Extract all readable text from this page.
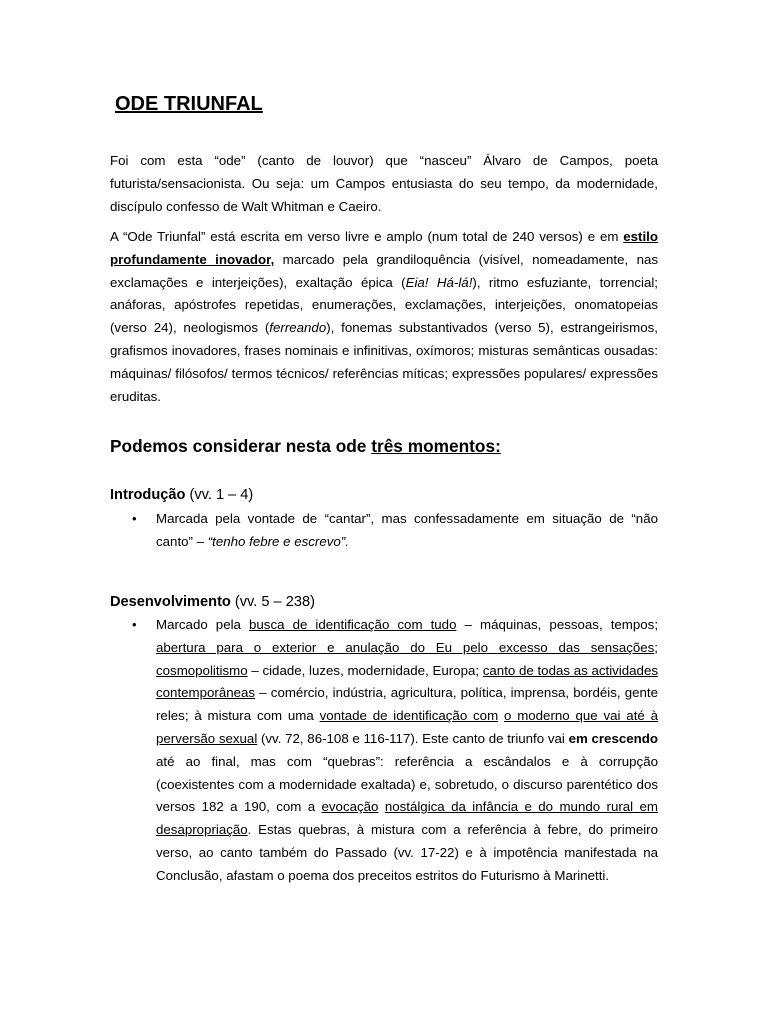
ODE TRIUNFAL

Foi com esta “ode” (canto de louvor) que “nasceu” Álvaro de Campos, poeta futurista/sensacionista. Ou seja: um Campos entusiasta do seu tempo, da modernidade, discípulo confesso de Walt Whitman e Caeiro.

A “Ode Triunfal” está escrita em verso livre e amplo (num total de 240 versos) e em estilo profundamente inovador, marcado pela grandiloquência (visível, nomeadamente, nas exclamações e interjeições), exaltação épica (Eia! Há-lá!), ritmo esfuziante, torrencial; anáforas, apóstrofes repetidas, enumerações, exclamações, interjeições, onomatopeias (verso 24), neologismos (ferreando), fonemas substantivados (verso 5), estrangeirismos, grafismos inovadores, frases nominais e infinitivas, oxímoros; misturas semânticas ousadas: máquinas/ filósofos/ termos técnicos/ referências míticas; expressões populares/ expressões eruditas.

Podemos considerar nesta ode três momentos:

Introdução (vv. 1 – 4)

• Marcada pela vontade de “cantar”, mas confessadamente em situação de “não canto” – “tenho febre e escrevo”.

Desenvolvimento (vv. 5 – 238)

• Marcado pela busca de identificação com tudo – máquinas, pessoas, tempos; abertura para o exterior e anulação do Eu pelo excesso das sensações; cosmopolitismo – cidade, luzes, modernidade, Europa; canto de todas as actividades contemporâneas – comércio, indústria, agricultura, política, imprensa, bordéis, gente reles; à mistura com uma vontade de identificação com o moderno que vai até à perversão sexual (vv. 72, 86-108 e 116-117). Este canto de triunfo vai em crescendo até ao final, mas com “quebras”: referência a escândalos e à corrupção (coexistentes com a modernidade exaltada) e, sobretudo, o discurso parentético dos versos 182 a 190, com a evocação nostálgica da infância e do mundo rural em desapropriação. Estas quebras, à mistura com a referência à febre, do primeiro verso, ao canto também do Passado (vv. 17-22) e à impotência manifestada na Conclusão, afastam o poema dos preceitos estritos do Futurismo à Marinetti.
